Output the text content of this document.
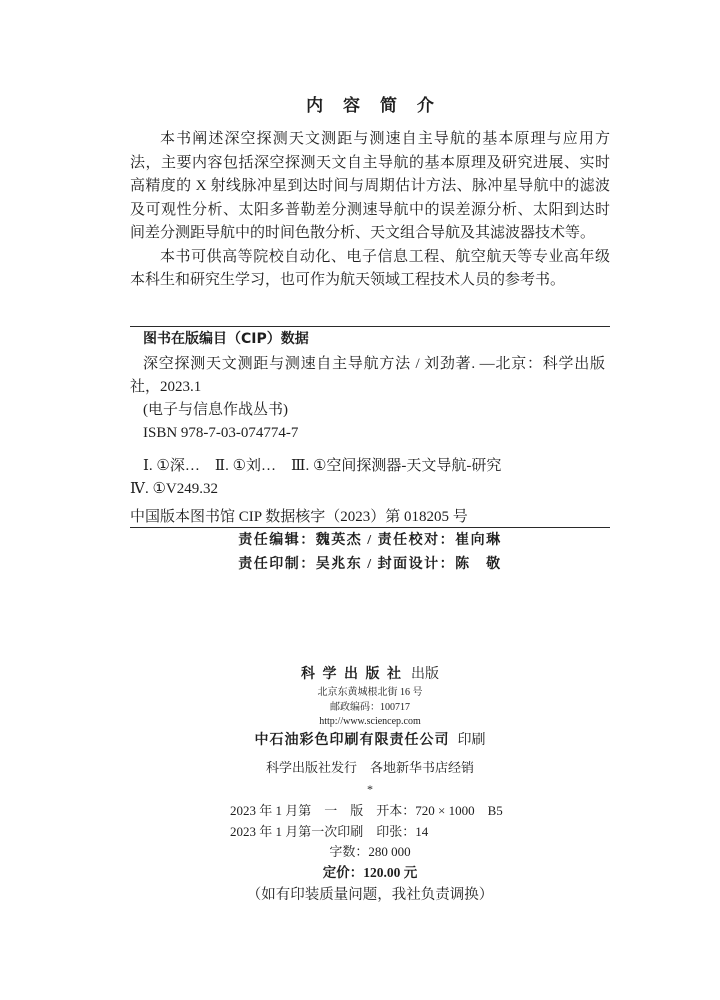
内 容 简 介
本书阐述深空探测天文测距与测速自主导航的基本原理与应用方
法，主要内容包括深空探测天文自主导航的基本原理及研究进展、实时
高精度的 X 射线脉冲星到达时间与周期估计方法、脉冲星导航中的滤波
及可观性分析、太阳多普勒差分测速导航中的误差源分析、太阳到达时
间差分测距导航中的时间色散分析、天文组合导航及其滤波器技术等。
本书可供高等院校自动化、电子信息工程、航空航天等专业高年级
本科生和研究生学习，也可作为航天领域工程技术人员的参考书。
图书在版编目（CIP）数据
深空探测天文测距与测速自主导航方法 / 刘劲著. —北京：科学出版
社，2023.1
(电子与信息作战丛书)
ISBN 978-7-03-074774-7
Ⅰ. ①深…　Ⅱ. ①刘…　Ⅲ. ①空间探测器-天文导航-研究
Ⅳ. ①V249.32
中国版本图书馆 CIP 数据核字（2023）第 018205 号
责任编辑：魏英杰 / 责任校对：崔向琳
责任印制：吴兆东 / 封面设计：陈　敬
科 学 出 版 社 出版
北京东黄城根北街 16 号
邮政编码：100717
http://www.sciencep.com
中石油彩色印刷有限责任公司 印刷
科学出版社发行　各地新华书店经销
*
2023 年 1 月第　一　版　开本：720 × 1000　B5
2023 年 1 月第一次印刷　印张：14
字数：280 000
定价：120.00 元
（如有印装质量问题，我社负责调换）
